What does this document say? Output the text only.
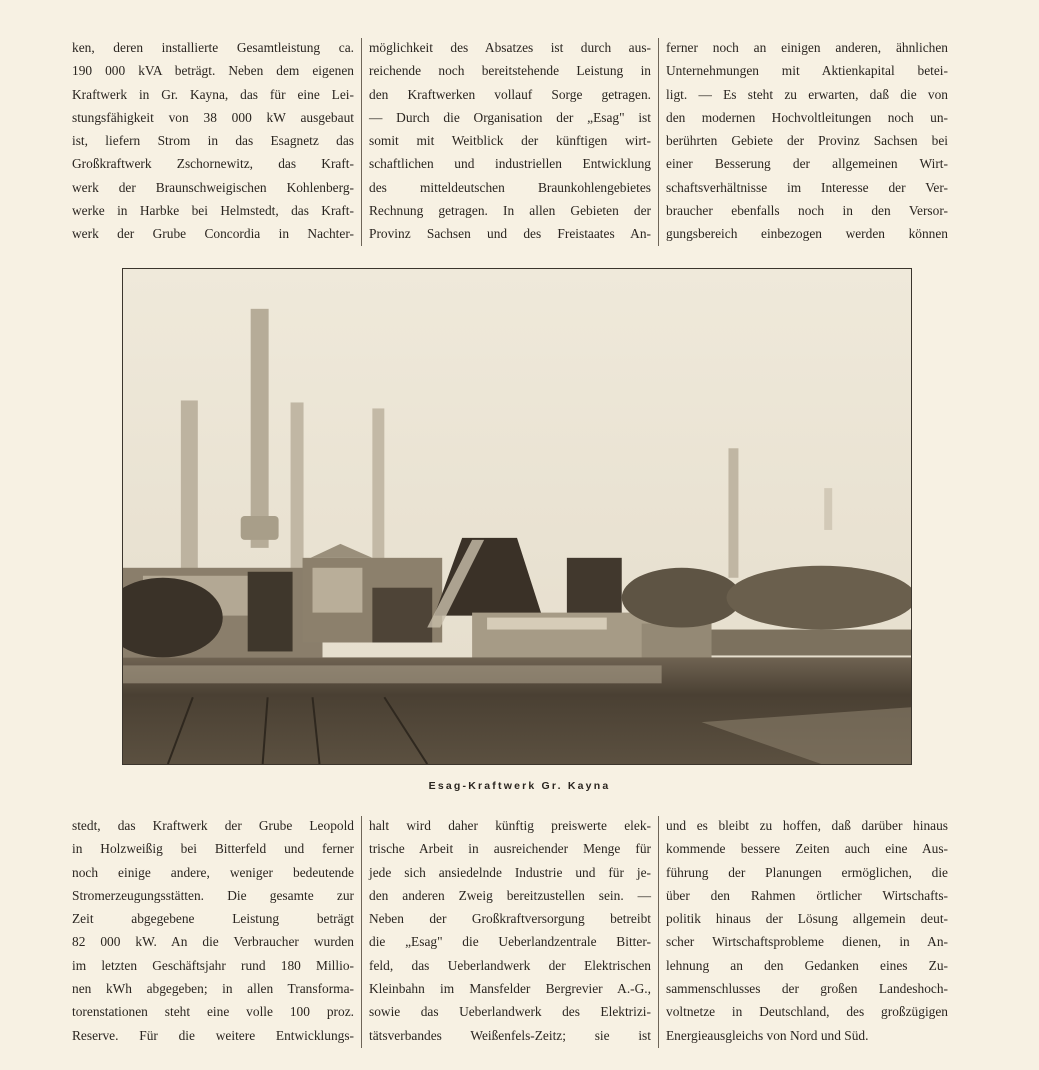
ken, deren installierte Gesamtleistung ca.
190 000 kVA beträgt. Neben dem eigenen
Kraftwerk in Gr. Kayna, das für eine Lei-
stungsfähigkeit von 38 000 kW ausgebaut
ist, liefern Strom in das Esagnetz das
Großkraftwerk Zschornewitz, das Kraft-
werk der Braunschweigischen Kohlenberg-
werke in Harbke bei Helmstedt, das Kraft-
werk der Grube Concordia in Nachter-
möglichkeit des Absatzes ist durch aus-
reichende noch bereitstehende Leistung in
den Kraftwerken vollauf Sorge getragen.
— Durch die Organisation der „Esag" ist
somit mit Weitblick der künftigen wirt-
schaftlichen und industriellen Entwicklung
des mitteldeutschen Braunkohlengebietes
Rechnung getragen. In allen Gebieten der
Provinz Sachsen und des Freistaates An-
ferner noch an einigen anderen, ähnlichen
Unternehmungen mit Aktienkapital betei-
ligt. — Es steht zu erwarten, daß die von
den modernen Hochvoltleitungen noch un-
berührten Gebiete der Provinz Sachsen bei
einer Besserung der allgemeinen Wirt-
schaftsverhältnisse im Interesse der Ver-
braucher ebenfalls noch in den Versor-
gungsbereich einbezogen werden können
Esag-Kraftwerk Gr. Kayna
stedt, das Kraftwerk der Grube Leopold
in Holzweißig bei Bitterfeld und ferner
noch einige andere, weniger bedeutende
Stromerzeugungsstätten. Die gesamte zur
Zeit abgegebene Leistung beträgt
82 000 kW. An die Verbraucher wurden
im letzten Geschäftsjahr rund 180 Millio-
nen kWh abgegeben; in allen Transforma-
torenstationen steht eine volle 100 proz.
Reserve. Für die weitere Entwicklungs-
halt wird daher künftig preiswerte elek-
trische Arbeit in ausreichender Menge für
jede sich ansiedelnde Industrie und für je-
den anderen Zweig bereitzustellen sein. —
Neben der Großkraftversorgung betreibt
die „Esag" die Ueberlandzentrale Bitter-
feld, das Ueberlandwerk der Elektrischen
Kleinbahn im Mansfelder Bergrevier A.-G.,
sowie das Ueberlandwerk des Elektrizi-
tätsverbandes Weißenfels-Zeitz; sie ist
und es bleibt zu hoffen, daß darüber hinaus
kommende bessere Zeiten auch eine Aus-
führung der Planungen ermöglichen, die
über den Rahmen örtlicher Wirtschafts-
politik hinaus der Lösung allgemein deut-
scher Wirtschaftsprobleme dienen, in An-
lehnung an den Gedanken eines Zu-
sammenschlusses der großen Landeshoch-
voltnetze in Deutschland, des großzügigen
Energieausgleichs von Nord und Süd.
